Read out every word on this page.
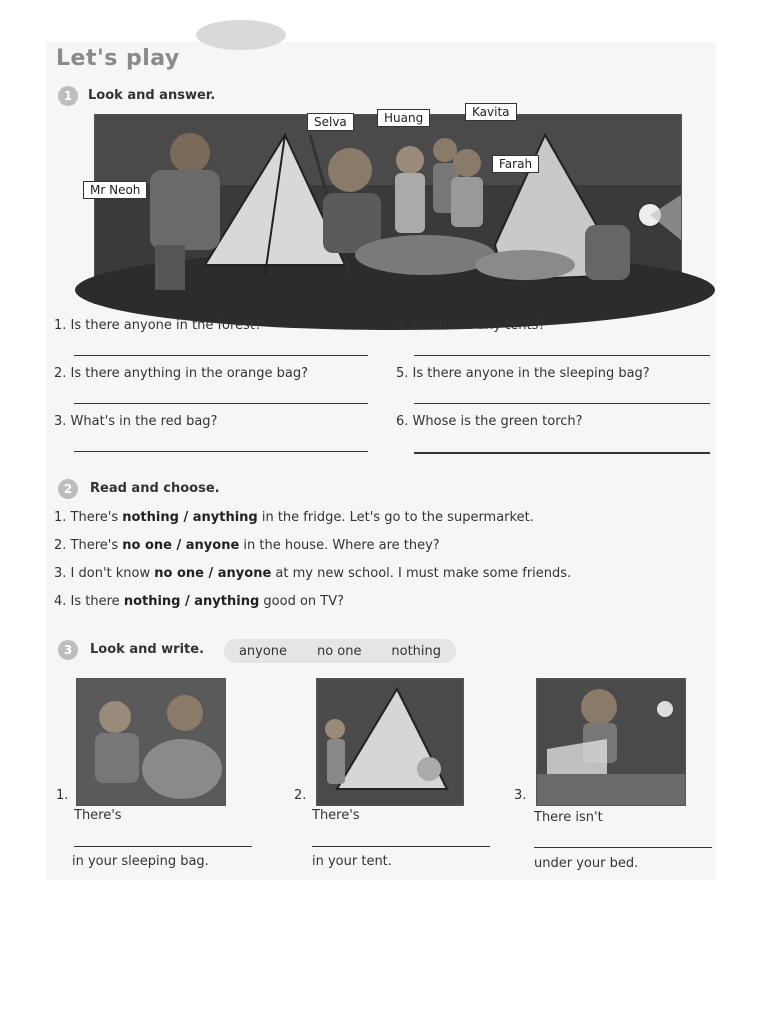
Let's play
1	Look and answer.
Selva	Huang	Kavita
Farah
Mr Neoh
1. Is there anyone in the forest?
2. Is there anything in the orange bag?
3. What's in the red bag?
4. Are there any tents?
5. Is there anyone in the sleeping bag?
6. Whose is the green torch?
2	Read and choose.
1. There's nothing / anything in the fridge. Let's go to the supermarket.
2. There's no one / anyone in the house. Where are they?
3. I don't know no one / anyone at my new school. I must make some friends.
4. Is there nothing / anything good on TV?
3	Look and write.	anyone no one nothing
1.	2.	3.
There's
in your sleeping bag.
There's
in your tent.
There isn't
under your bed.
